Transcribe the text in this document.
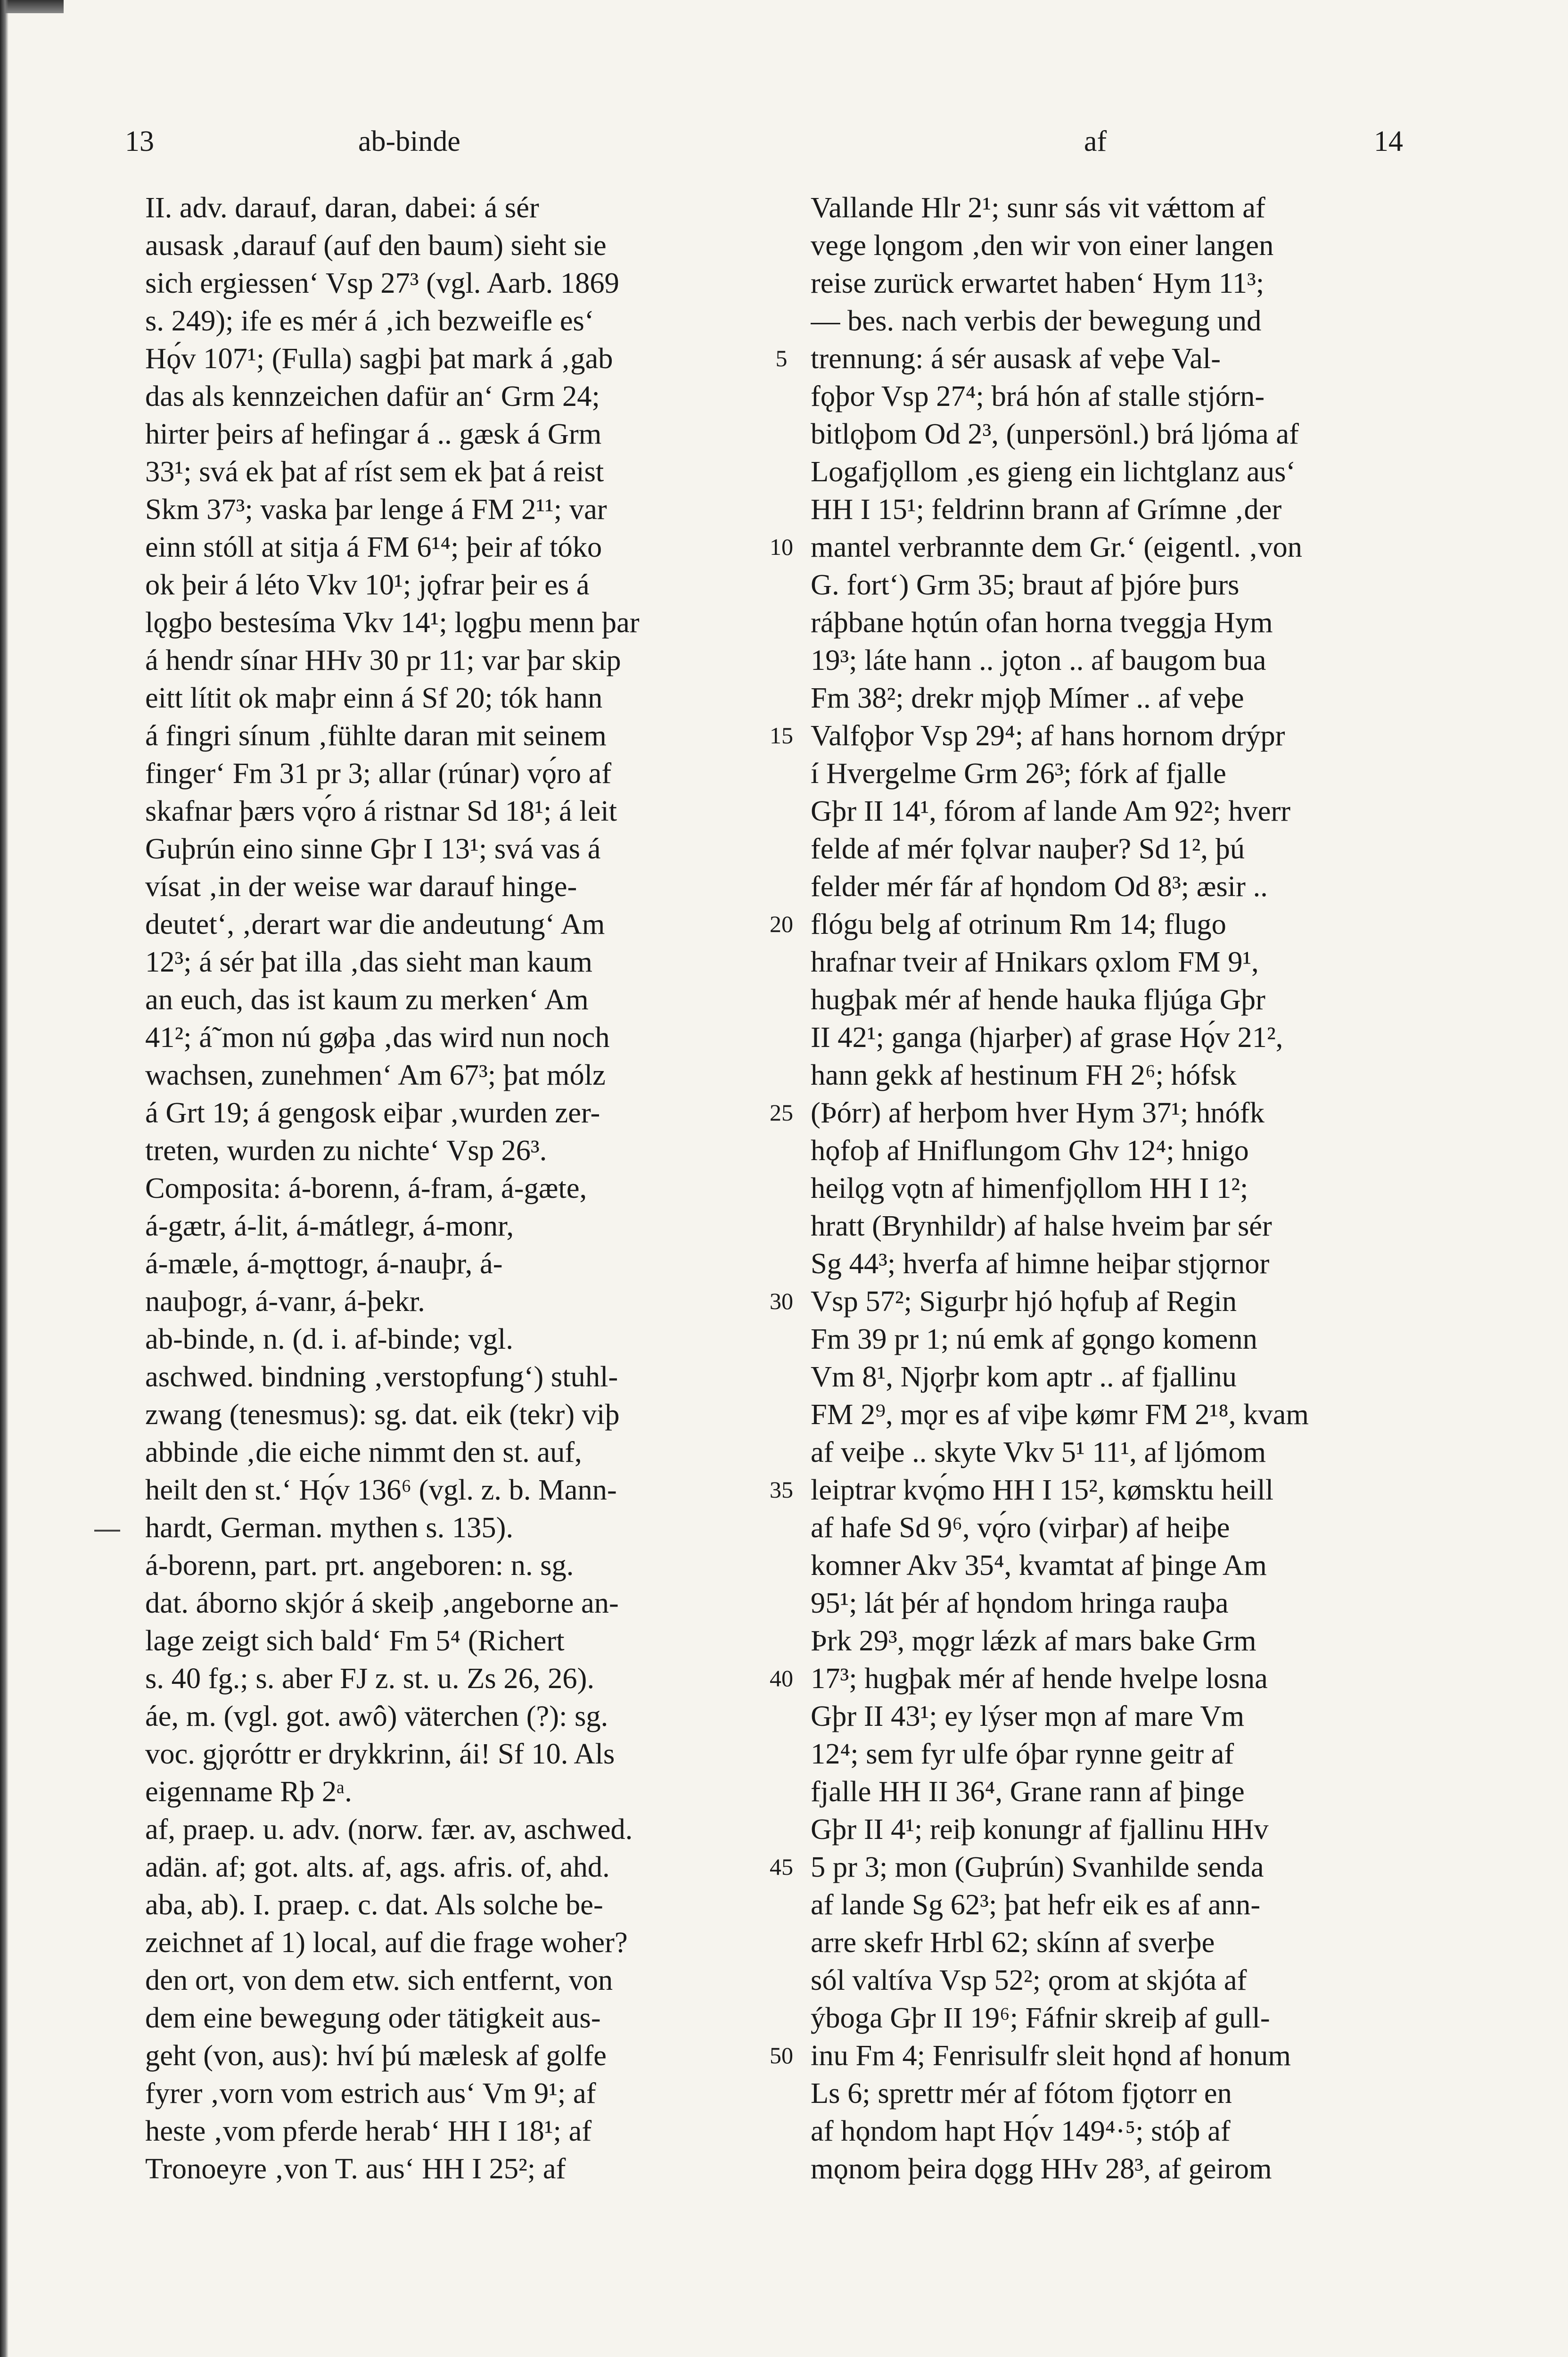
13	ab-binde	af	14
II. adv. darauf, daran, dabei: á sér
ausask ‚darauf (auf den baum) sieht sie
sich ergiessen‘ Vsp 27³ (vgl. Aarb. 1869
s. 249); ife es mér á ‚ich bezweifle es‘
Hǫ́v 107¹; (Fulla) sagþi þat mark á ‚gab
das als kennzeichen dafür an‘ Grm 24;
hirter þeirs af hefingar á .. gæsk á Grm
33¹; svá ek þat af ríst sem ek þat á reist
Skm 37³; vaska þar lenge á FM 2¹¹; var
einn stóll at sitja á FM 6¹⁴; þeir af tóko
ok þeir á léto Vkv 10¹; jǫfrar þeir es á
lǫgþo bestesíma Vkv 14¹; lǫgþu menn þar
á hendr sínar HHv 30 pr 11; var þar skip
eitt lítit ok maþr einn á Sf 20; tók hann
á fingri sínum ‚fühlte daran mit seinem
finger‘ Fm 31 pr 3; allar (rúnar) vǫ́ro af
skafnar þærs vǫ́ro á ristnar Sd 18¹; á leit
Guþrún eino sinne Gþr I 13¹; svá vas á
vísat ‚in der weise war darauf hinge-
deutet‘, ‚derart war die andeutung‘ Am
12³; á sér þat illa ‚das sieht man kaum
an euch, das ist kaum zu merken‘ Am
41²; á˜mon nú gøþa ‚das wird nun noch
wachsen, zunehmen‘ Am 67³; þat mólz
á Grt 19; á gengosk eiþar ‚wurden zer-
treten, wurden zu nichte‘ Vsp 26³.
Composita: á-borenn, á-fram, á-gæte,
á-gætr, á-lit, á-mátlegr, á-monr,
á-mæle, á-mǫttogr, á-nauþr, á-
nauþogr, á-vanr, á-þekr.
ab-binde, n. (d. i. af-binde; vgl.
aschwed. bindning ‚verstopfung‘) stuhl-
zwang (tenesmus): sg. dat. eik (tekr) viþ
abbinde ‚die eiche nimmt den st. auf,
heilt den st.‘ Hǫ́v 136⁶ (vgl. z. b. Mann-
hardt, German. mythen s. 135).
á-borenn, part. prt. angeboren: n. sg.
dat. áborno skjór á skeiþ ‚angeborne an-
lage zeigt sich bald‘ Fm 5⁴ (Richert
s. 40 fg.; s. aber FJ z. st. u. Zs 26, 26).
áe, m. (vgl. got. awô) väterchen (?): sg.
voc. gjǫróttr er drykkrinn, ái! Sf 10. Als
eigenname Rþ 2ᵃ.
af, praep. u. adv. (norw. fær. av, aschwed.
adän. af; got. alts. af, ags. afris. of, ahd.
aba, ab). I. praep. c. dat. Als solche be-
zeichnet af 1) local, auf die frage woher?
den ort, von dem etw. sich entfernt, von
dem eine bewegung oder tätigkeit aus-
geht (von, aus): hví þú mælesk af golfe
fyrer ‚vorn vom estrich aus‘ Vm 9¹; af
heste ‚vom pferde herab‘ HH I 18¹; af
Tronoeyre ‚von T. aus‘ HH I 25²; af
5
10
15
20
25
30
35
40
45
50
Vallande Hlr 2¹; sunr sás vit vǽttom af
vege lǫngom ‚den wir von einer langen
reise zurück erwartet haben‘ Hym 11³;
— bes. nach verbis der bewegung und
trennung: á sér ausask af veþe Val-
fǫþor Vsp 27⁴; brá hón af stalle stjórn-
bitlǫþom Od 2³, (unpersönl.) brá ljóma af
Logafjǫllom ‚es gieng ein lichtglanz aus‘
HH I 15¹; feldrinn brann af Grímne ‚der
mantel verbrannte dem Gr.‘ (eigentl. ‚von
G. fort‘) Grm 35; braut af þjóre þurs
ráþbane hǫtún ofan horna tveggja Hym
19³; láte hann .. jǫton .. af baugom bua
Fm 38²; drekr mjǫþ Mímer .. af veþe
Valfǫþor Vsp 29⁴; af hans hornom drýpr
í Hvergelme Grm 26³; fórk af fjalle
Gþr II 14¹, fórom af lande Am 92²; hverr
felde af mér fǫlvar nauþer? Sd 1², þú
felder mér fár af hǫndom Od 8³; æsir ..
flógu belg af otrinum Rm 14; flugo
hrafnar tveir af Hnikars ǫxlom FM 9¹,
hugþak mér af hende hauka fljúga Gþr
II 42¹; ganga (hjarþer) af grase Hǫ́v 21²,
hann gekk af hestinum FH 2⁶; hófsk
(Þórr) af herþom hver Hym 37¹; hnófk
hǫfoþ af Hniflungom Ghv 12⁴; hnigo
heilǫg vǫtn af himenfjǫllom HH I 1²;
hratt (Brynhildr) af halse hveim þar sér
Sg 44³; hverfa af himne heiþar stjǫrnor
Vsp 57²; Sigurþr hjó hǫfuþ af Regin
Fm 39 pr 1; nú emk af gǫngo komenn
Vm 8¹, Njǫrþr kom aptr .. af fjallinu
FM 2⁹, mǫr es af viþe kømr FM 2¹⁸, kvam
af veiþe .. skyte Vkv 5¹ 11¹, af ljómom
leiptrar kvǫ́mo HH I 15², kømsktu heill
af hafe Sd 9⁶, vǫ́ro (virþar) af heiþe
komner Akv 35⁴, kvamtat af þinge Am
95¹; lát þér af hǫndom hringa rauþa
Þrk 29³, mǫgr lǽzk af mars bake Grm
17³; hugþak mér af hende hvelpe losna
Gþr II 43¹; ey lýser mǫn af mare Vm
12⁴; sem fyr ulfe óþar rynne geitr af
fjalle HH II 36⁴, Grane rann af þinge
Gþr II 4¹; reiþ konungr af fjallinu HHv
5 pr 3; mon (Guþrún) Svanhilde senda
af lande Sg 62³; þat hefr eik es af ann-
arre skefr Hrbl 62; skínn af sverþe
sól valtíva Vsp 52²; ǫrom at skjóta af
ýboga Gþr II 19⁶; Fáfnir skreiþ af gull-
inu Fm 4; Fenrisulfr sleit hǫnd af honum
Ls 6; sprettr mér af fótom fjǫtorr en
af hǫndom hapt Hǫ́v 149⁴·⁵; stóþ af
mǫnom þeira dǫgg HHv 28³, af geirom
